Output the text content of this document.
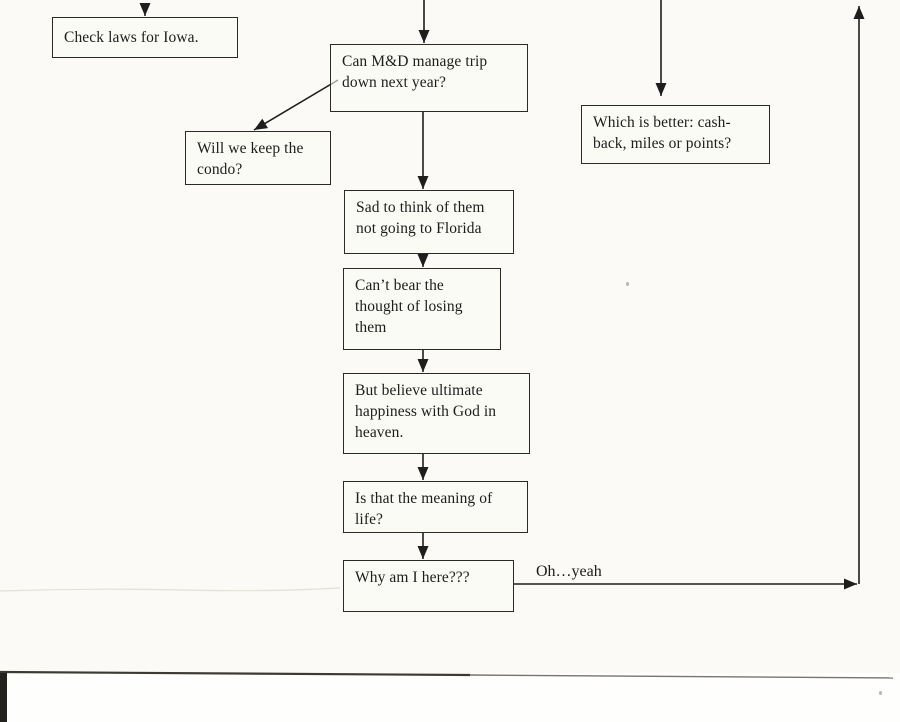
Check laws for Iowa.
Can M&D manage trip down next year?
Will we keep the condo?
Sad to think of them not going to Florida
Can’t bear the thought of losing them
But believe ultimate happiness with God in heaven.
Is that the meaning of life?
Why am I here???
Which is better: cash-back, miles or points?
Oh…yeah
